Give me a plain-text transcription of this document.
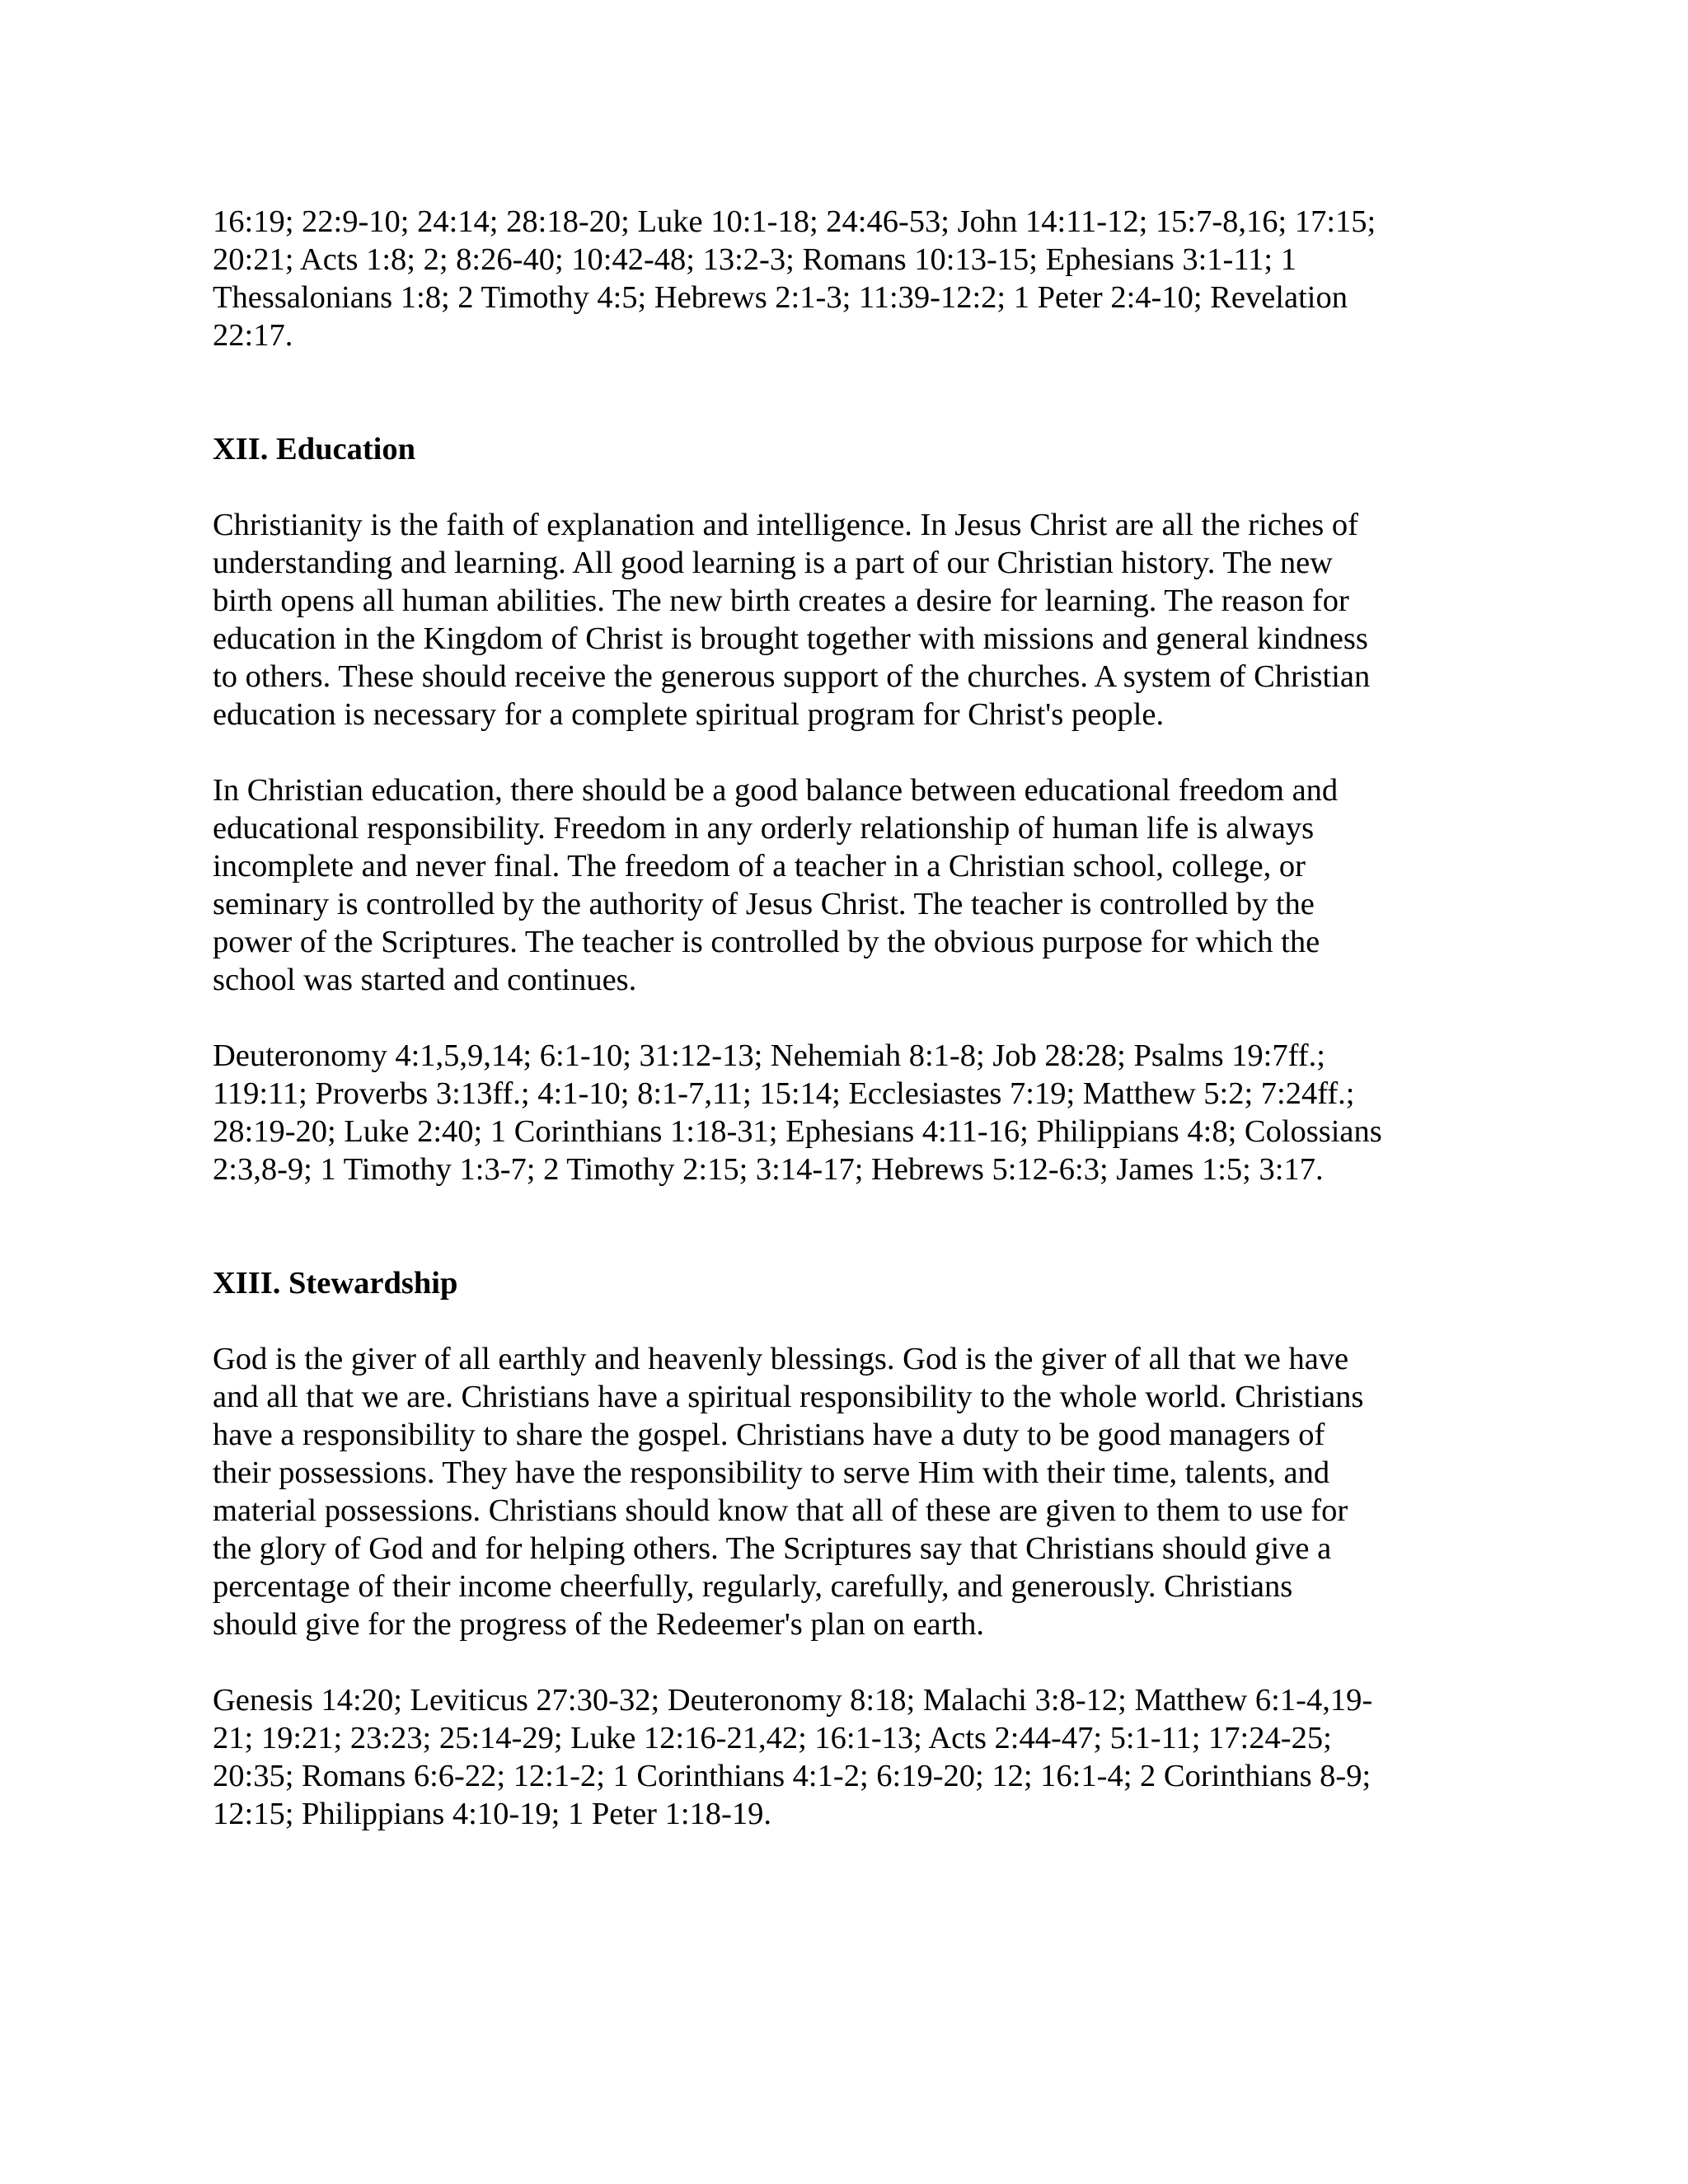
16:19; 22:9-10; 24:14; 28:18-20; Luke 10:1-18; 24:46-53; John 14:11-12; 15:7-8,16; 17:15;
20:21; Acts 1:8; 2; 8:26-40; 10:42-48; 13:2-3; Romans 10:13-15; Ephesians 3:1-11; 1
Thessalonians 1:8; 2 Timothy 4:5; Hebrews 2:1-3; 11:39-12:2; 1 Peter 2:4-10; Revelation
22:17.

XII. Education

Christianity is the faith of explanation and intelligence. In Jesus Christ are all the riches of
understanding and learning. All good learning is a part of our Christian history. The new
birth opens all human abilities. The new birth creates a desire for learning. The reason for
education in the Kingdom of Christ is brought together with missions and general kindness
to others. These should receive the generous support of the churches. A system of Christian
education is necessary for a complete spiritual program for Christ's people.

In Christian education, there should be a good balance between educational freedom and
educational responsibility. Freedom in any orderly relationship of human life is always
incomplete and never final. The freedom of a teacher in a Christian school, college, or
seminary is controlled by the authority of Jesus Christ. The teacher is controlled by the
power of the Scriptures. The teacher is controlled by the obvious purpose for which the
school was started and continues.

Deuteronomy 4:1,5,9,14; 6:1-10; 31:12-13; Nehemiah 8:1-8; Job 28:28; Psalms 19:7ff.;
119:11; Proverbs 3:13ff.; 4:1-10; 8:1-7,11; 15:14; Ecclesiastes 7:19; Matthew 5:2; 7:24ff.;
28:19-20; Luke 2:40; 1 Corinthians 1:18-31; Ephesians 4:11-16; Philippians 4:8; Colossians
2:3,8-9; 1 Timothy 1:3-7; 2 Timothy 2:15; 3:14-17; Hebrews 5:12-6:3; James 1:5; 3:17.

XIII. Stewardship

God is the giver of all earthly and heavenly blessings. God is the giver of all that we have
and all that we are. Christians have a spiritual responsibility to the whole world. Christians
have a responsibility to share the gospel. Christians have a duty to be good managers of
their possessions. They have the responsibility to serve Him with their time, talents, and
material possessions. Christians should know that all of these are given to them to use for
the glory of God and for helping others. The Scriptures say that Christians should give a
percentage of their income cheerfully, regularly, carefully, and generously. Christians
should give for the progress of the Redeemer's plan on earth.

Genesis 14:20; Leviticus 27:30-32; Deuteronomy 8:18; Malachi 3:8-12; Matthew 6:1-4,19-
21; 19:21; 23:23; 25:14-29; Luke 12:16-21,42; 16:1-13; Acts 2:44-47; 5:1-11; 17:24-25;
20:35; Romans 6:6-22; 12:1-2; 1 Corinthians 4:1-2; 6:19-20; 12; 16:1-4; 2 Corinthians 8-9;
12:15; Philippians 4:10-19; 1 Peter 1:18-19.
